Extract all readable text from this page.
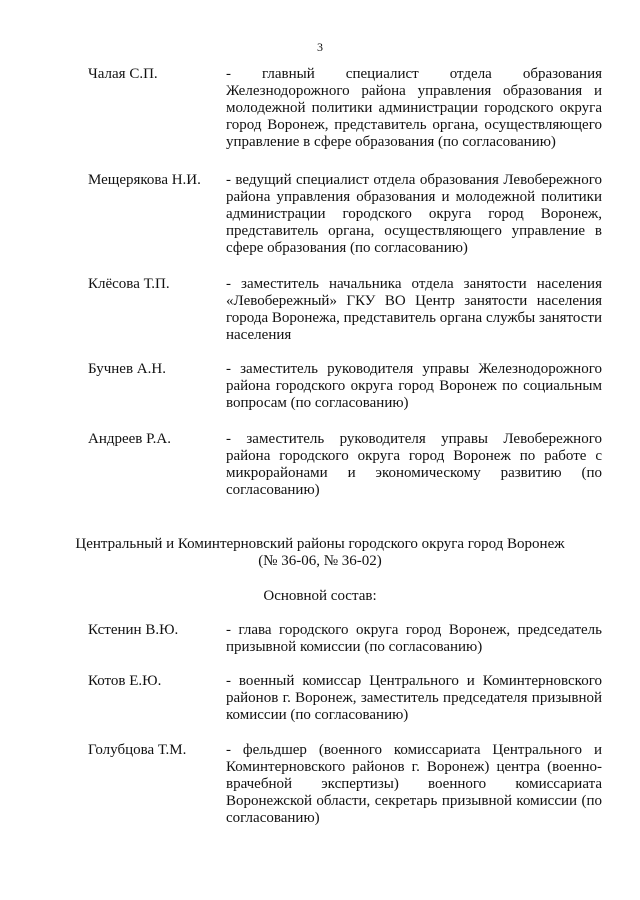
3
Чалая С.П.	- главный специалист отдела образования Железнодорожного района управления образования и молодежной политики администрации городского округа город Воронеж, представитель органа, осуществляющего управление в сфере образования (по согласованию)
Мещерякова Н.И. - ведущий специалист отдела образования Левобережного района управления образования и молодежной политики администрации городского округа город Воронеж, представитель органа, осуществляющего управление в сфере образования (по согласованию)
Клёсова Т.П.	- заместитель начальника отдела занятости населения «Левобережный» ГКУ ВО Центр занятости населения города Воронежа, представитель органа службы занятости населения
Бучнев А.Н.	- заместитель руководителя управы Железнодорожного района городского округа город Воронеж по социальным вопросам (по согласованию)
Андреев Р.А.	- заместитель руководителя управы Левобережного района городского округа город Воронеж по работе с микрорайонами и экономическому развитию (по согласованию)
Центральный и Коминтерновский районы городского округа город Воронеж
(№ 36-06, № 36-02)
Основной состав:
Кстенин В.Ю.	- глава городского округа город Воронеж, председатель призывной комиссии (по согласованию)
Котов Е.Ю.	- военный комиссар Центрального и Коминтерновского районов г. Воронеж, заместитель председателя призывной комиссии (по согласованию)
Голубцова Т.М.	- фельдшер (военного комиссариата Центрального и Коминтерновского районов г. Воронеж) центра (военно-врачебной экспертизы) военного комиссариата Воронежской области, секретарь призывной комиссии (по согласованию)
